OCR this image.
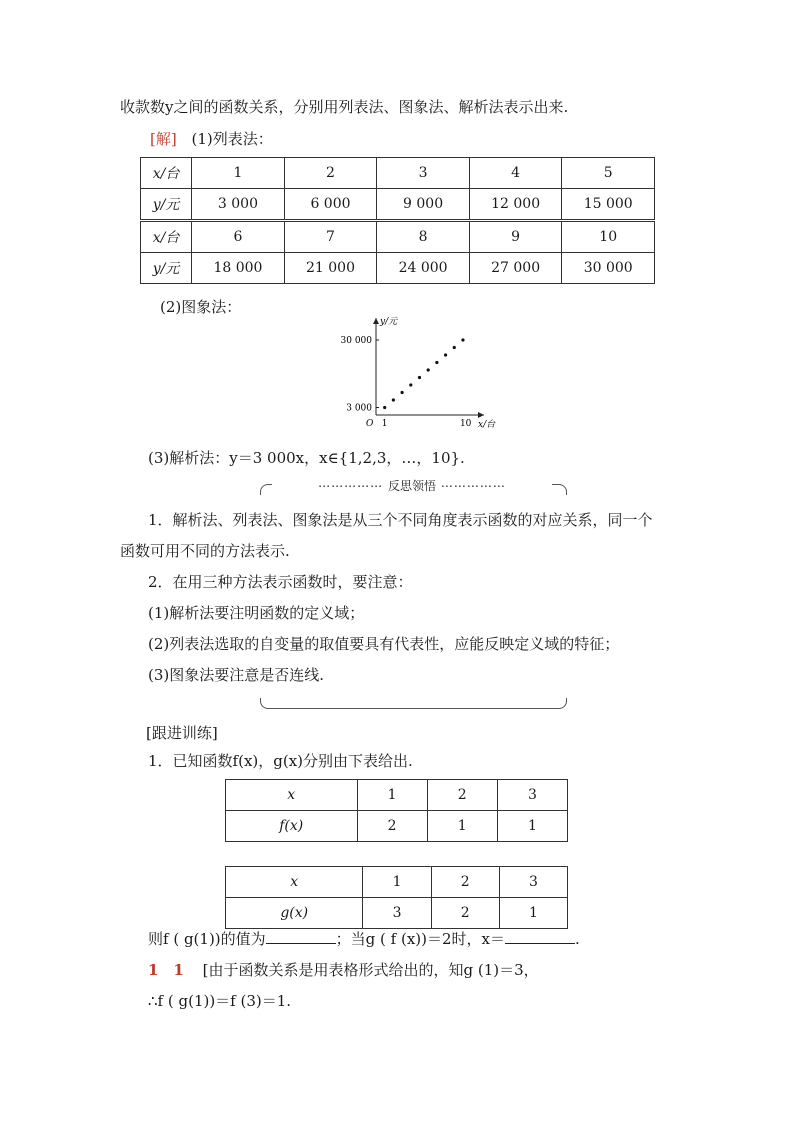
收款数y之间的函数关系，分别用列表法、图象法、解析法表示出来.
[解] (1)列表法：
x/台	1	2	3	4	5
y/元	3 000	6 000	9 000	12 000	15 000
x/台	6	7	8	9	10
y/元	18 000	21 000	24 000	27 000	30 000
(2)图象法：
y/元
x/台
O 1	10
3 000
30 000
(3)解析法：y＝3 000x，x∈{1,2,3，…，10}.
⋯⋯⋯⋯⋯ 反思领悟 ⋯⋯⋯⋯⋯
1．解析法、列表法、图象法是从三个不同角度表示函数的对应关系，同一个
函数可用不同的方法表示.
2．在用三种方法表示函数时，要注意：
(1)解析法要注明函数的定义域；
(2)列表法选取的自变量的取值要具有代表性，应能反映定义域的特征；
(3)图象法要注意是否连线.
[跟进训练]
1．已知函数f(x)，g(x)分别由下表给出.
x	1	2	3
f(x)	2	1	1
x	1	2	3
g(x)	3	2	1
则f ( g(1))的值为	；当g ( f (x))＝2时，x＝	.
1　1 [由于函数关系是用表格形式给出的，知g (1)＝3，
∴f ( g(1))＝f (3)＝1.
